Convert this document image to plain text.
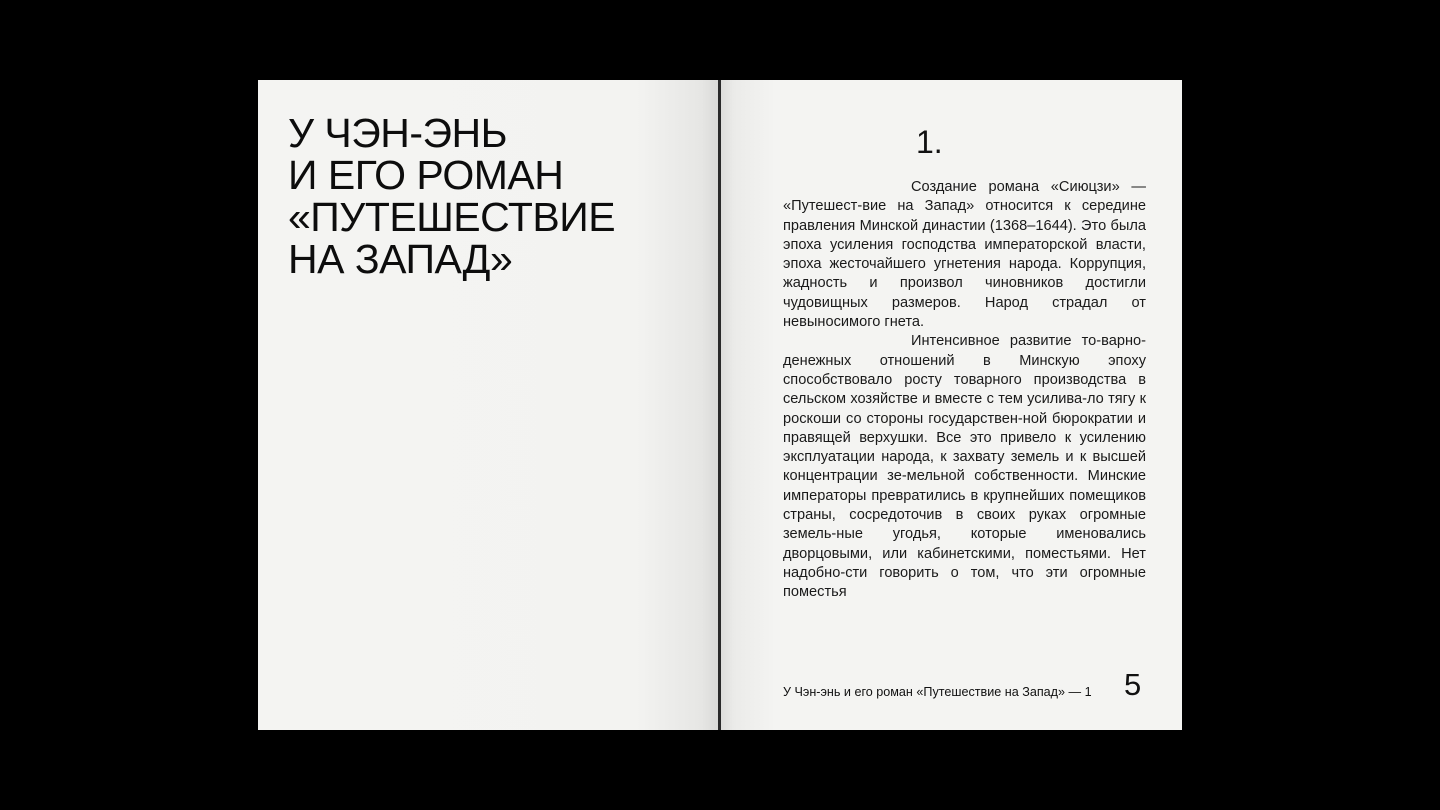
У ЧЭН-ЭНЬ
И ЕГО РОМАН
«ПУТЕШЕСТВИЕ
НА ЗАПАД»
1.

Создание романа «Сиюцзи» — «Путешест-вие на Запад» относится к середине правления Минской династии (1368–1644). Это была эпоха усиления господства императорской власти, эпоха жесточайшего угнетения народа. Коррупция, жадность и произвол чиновников достигли чудовищных размеров. Народ страдал от невыносимого гнета.

Интенсивное развитие то-варно-денежных отношений в Минскую эпоху способствовало росту товарного производства в сельском хозяйстве и вместе с тем усилива-ло тягу к роскоши со стороны государствен-ной бюрократии и правящей верхушки. Все это привело к усилению эксплуатации народа, к захвату земель и к высшей концентрации зе-мельной собственности. Минские императоры превратились в крупнейших помещиков страны, сосредоточив в своих руках огромные земель-ные угодья, которые именовались дворцовыми, или кабинетскими, поместьями. Нет надобно-сти говорить о том, что эти огромные поместья

У Чэн-энь и его роман «Путешествие на Запад» — 1 5
